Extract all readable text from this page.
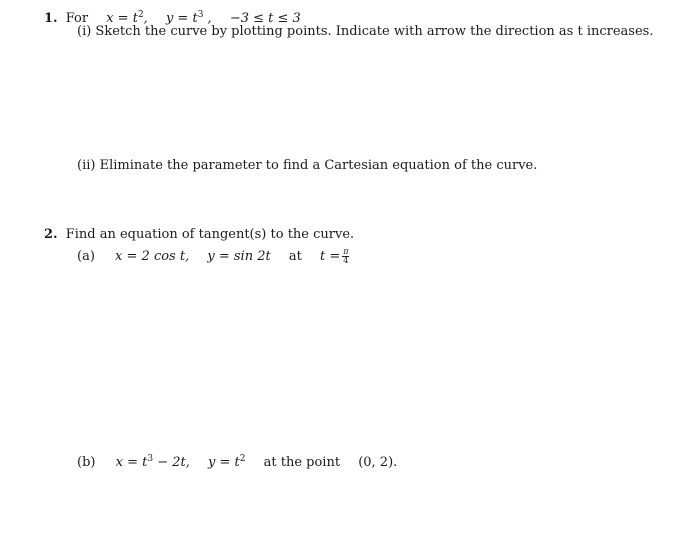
1. For $x = t^2$, $y = t^3$ , −3 ≤ t ≤ 3
(i) Sketch the curve by plotting points. Indicate with arrow the direction as t increases.
(ii) Eliminate the parameter to find a Cartesian equation of the curve.
2. Find an equation of tangent(s) to the curve.
(a) x = 2 cos t, y = sin 2t at $t = \frac{\pi}{4}$
(b) $x = t^3 - 2t$, $y = t^2$ at the point (0, 2).
